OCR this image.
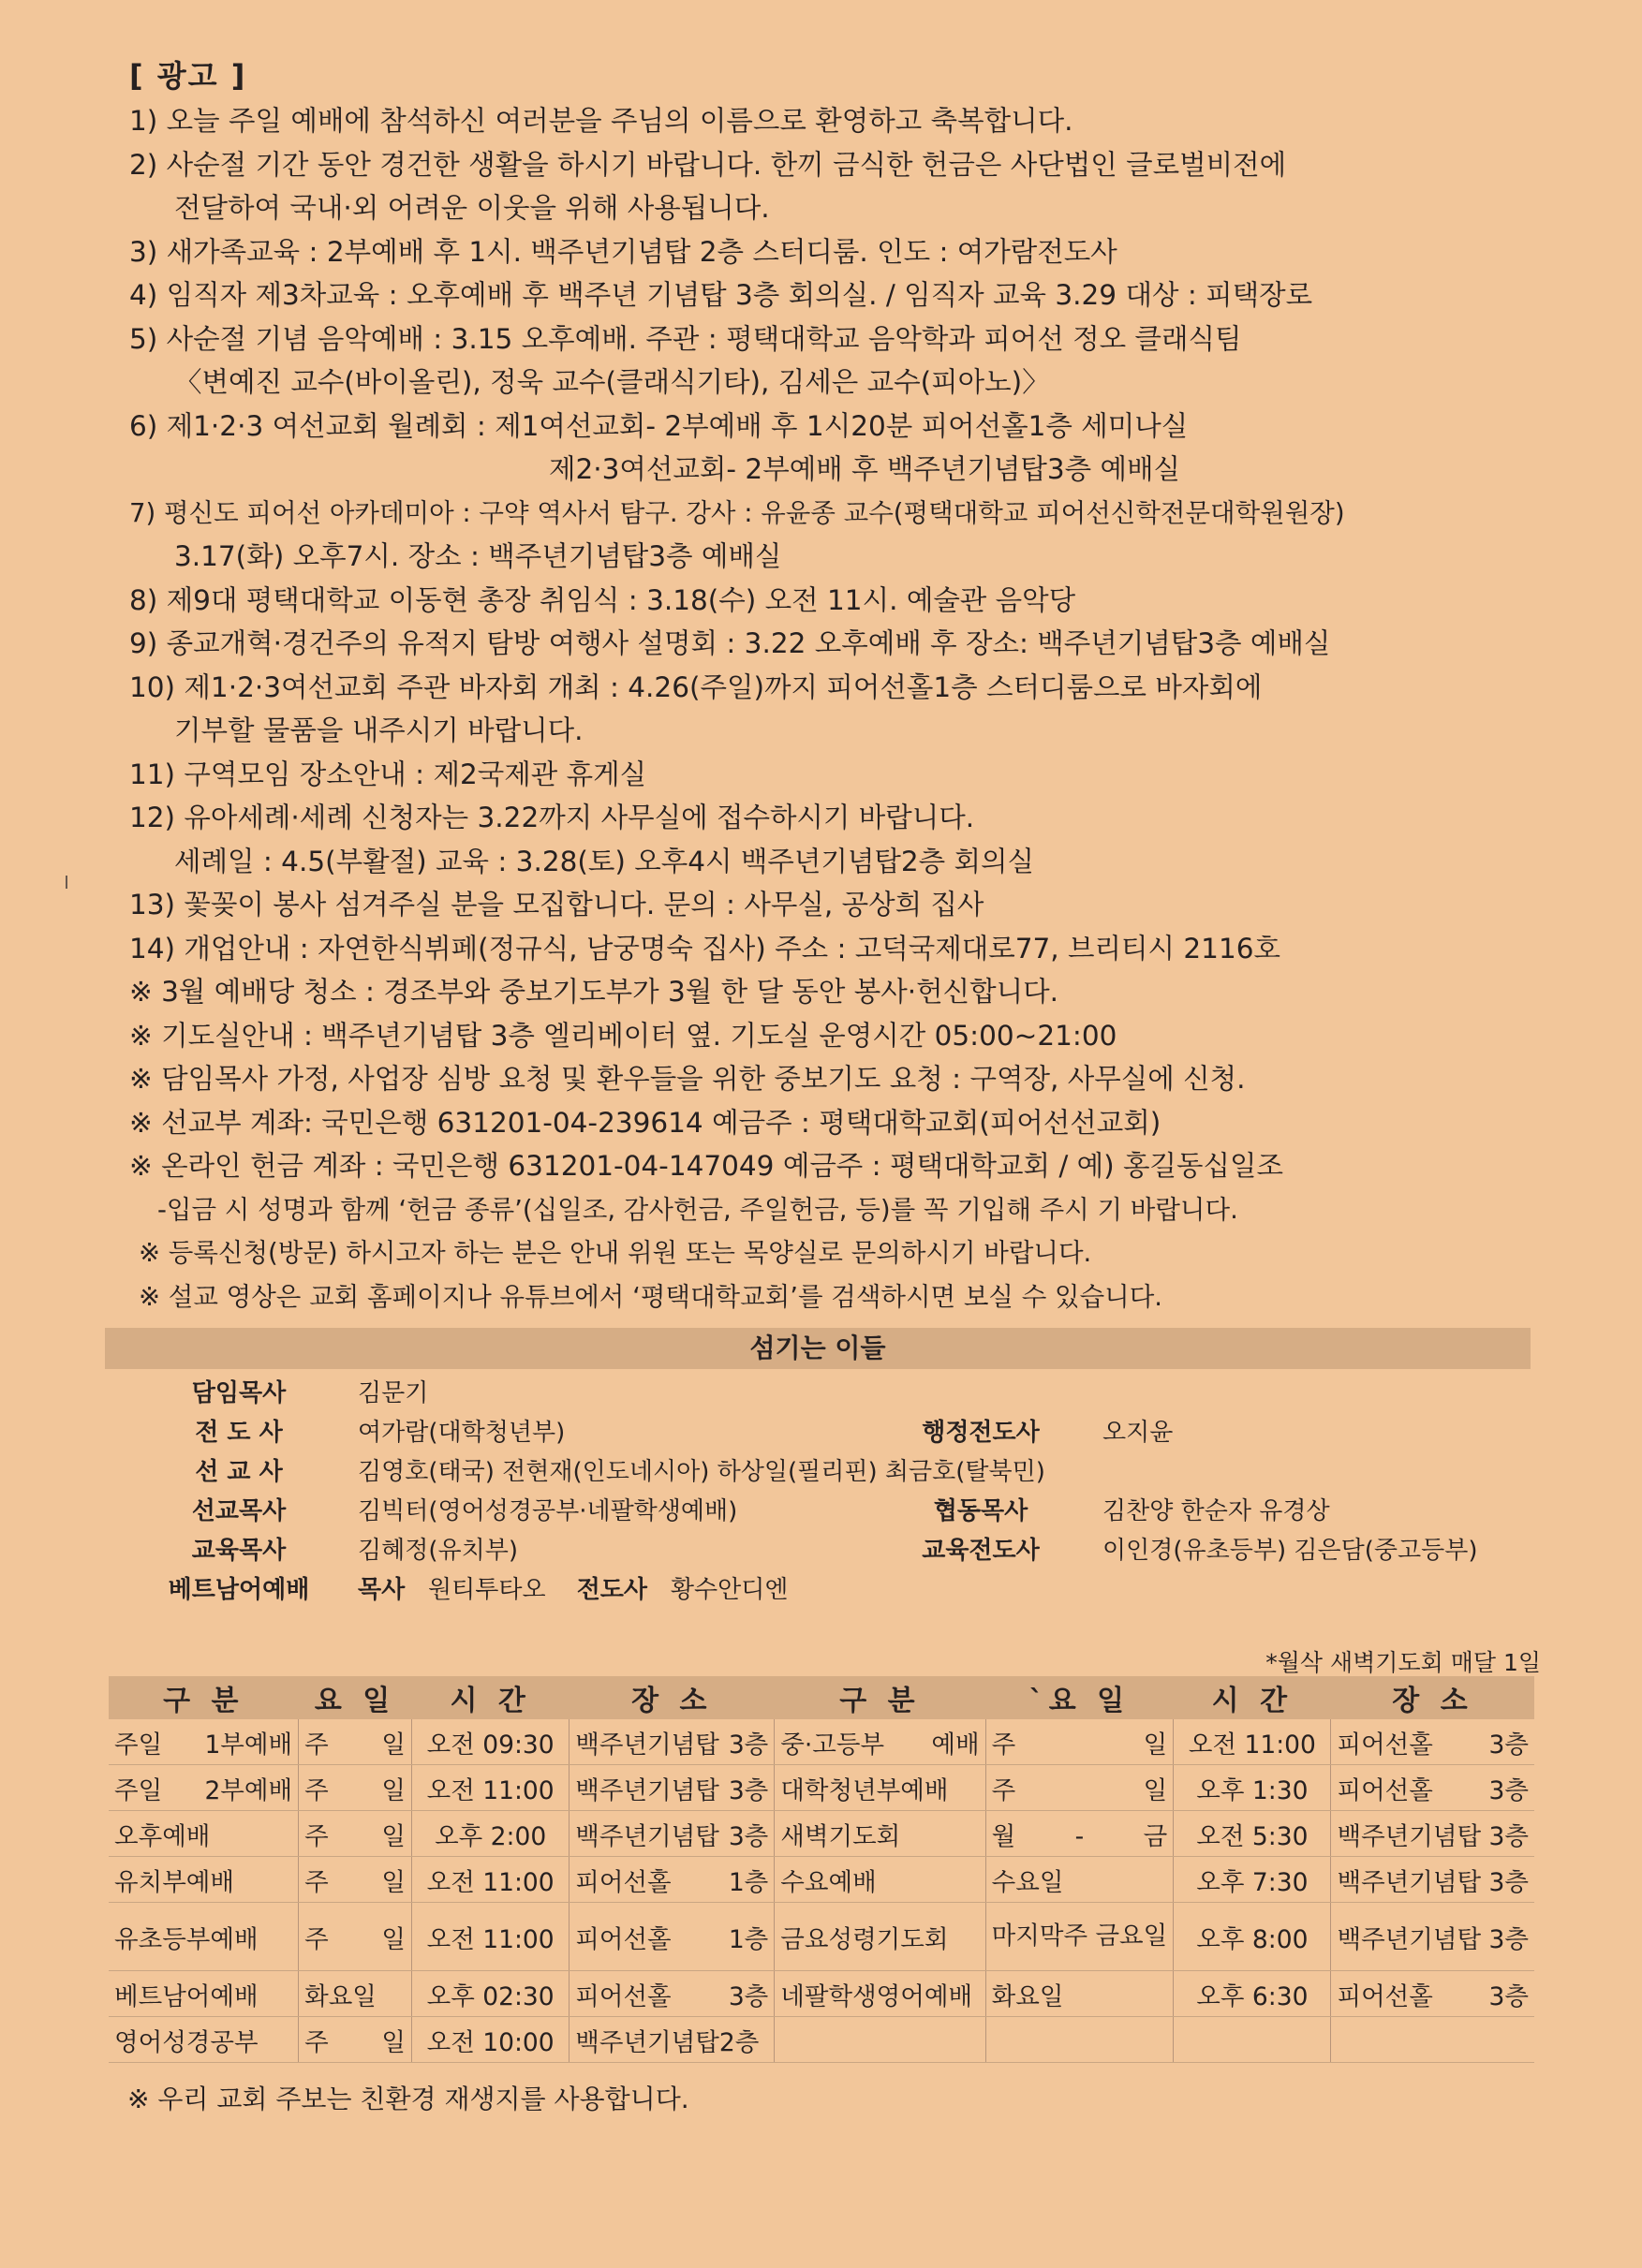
[ 광고 ]
1) 오늘 주일 예배에 참석하신 여러분을 주님의 이름으로 환영하고 축복합니다.
2) 사순절 기간 동안 경건한 생활을 하시기 바랍니다. 한끼 금식한 헌금은 사단법인 글로벌비전에
전달하여 국내·외 어려운 이웃을 위해 사용됩니다.
3) 새가족교육 : 2부예배 후 1시. 백주년기념탑 2층 스터디룸. 인도 : 여가람전도사
4) 임직자 제3차교육 : 오후예배 후 백주년 기념탑 3층 회의실. / 임직자 교육 3.29 대상 : 피택장로
5) 사순절 기념 음악예배 : 3.15 오후예배. 주관 : 평택대학교 음악학과 피어선 정오 클래식팀
〈변예진 교수(바이올린), 정욱 교수(클래식기타), 김세은 교수(피아노)〉
6) 제1·2·3 여선교회 월례회 : 제1여선교회- 2부예배 후 1시20분 피어선홀1층 세미나실
제2·3여선교회- 2부예배 후 백주년기념탑3층 예배실
7) 평신도 피어선 아카데미아 : 구약 역사서 탐구. 강사 : 유윤종 교수(평택대학교 피어선신학전문대학원원장)
3.17(화) 오후7시. 장소 : 백주년기념탑3층 예배실
8) 제9대 평택대학교 이동현 총장 취임식 : 3.18(수) 오전 11시. 예술관 음악당
9) 종교개혁·경건주의 유적지 탐방 여행사 설명회 : 3.22 오후예배 후 장소: 백주년기념탑3층 예배실
10) 제1·2·3여선교회 주관 바자회 개최 : 4.26(주일)까지 피어선홀1층 스터디룸으로 바자회에
기부할 물품을 내주시기 바랍니다.
11) 구역모임 장소안내 : 제2국제관 휴게실
12) 유아세례·세례 신청자는 3.22까지 사무실에 접수하시기 바랍니다.
세례일 : 4.5(부활절) 교육 : 3.28(토) 오후4시 백주년기념탑2층 회의실
13) 꽃꽂이 봉사 섬겨주실 분을 모집합니다. 문의 : 사무실, 공상희 집사
14) 개업안내 : 자연한식뷔페(정규식, 남궁명숙 집사) 주소 : 고덕국제대로77, 브리티시 2116호
※ 3월 예배당 청소 : 경조부와 중보기도부가 3월 한 달 동안 봉사·헌신합니다.
※ 기도실안내 : 백주년기념탑 3층 엘리베이터 옆. 기도실 운영시간 05:00~21:00
※ 담임목사 가정, 사업장 심방 요청 및 환우들을 위한 중보기도 요청 : 구역장, 사무실에 신청.
※ 선교부 계좌: 국민은행 631201-04-239614 예금주 : 평택대학교회(피어선선교회)
※ 온라인 헌금 계좌 : 국민은행 631201-04-147049 예금주 : 평택대학교회 / 예) 홍길동십일조
-입금 시 성명과 함께 ‘헌금 종류’(십일조, 감사헌금, 주일헌금, 등)를 꼭 기입해 주시 기 바랍니다.
※ 등록신청(방문) 하시고자 하는 분은 안내 위원 또는 목양실로 문의하시기 바랍니다.
※ 설교 영상은 교회 홈페이지나 유튜브에서 ‘평택대학교회’를 검색하시면 보실 수 있습니다.
섬기는 이들
담임목사	김문기
전 도 사	여가람(대학청년부)	행정전도사	오지윤
선 교 사	김영호(태국) 전현재(인도네시아) 하상일(필리핀) 최금호(탈북민)
선교목사	김빅터(영어성경공부·네팔학생예배)	협동목사	김찬양 한순자 유경상
교육목사	김혜정(유치부)	교육전도사	이인경(유초등부) 김은담(중고등부)
베트남어예배	목사 원티투타오 전도사 황수안디엔
*월삭 새벽기도회 매달 1일
구 분	요 일	시 간	장 소	구 분	`요 일	시 간	장 소
주일 1부예배	주 일	오전 09:30	백주년기념탑 3층	중·고등부 예배	주 일	오전 11:00	피어선홀 3층
주일 2부예배	주 일	오전 11:00	백주년기념탑 3층	대학청년부예배	주 일	오후 1:30	피어선홀 3층
오후예배	주 일	오후 2:00	백주년기념탑 3층	새벽기도회	월 - 금	오전 5:30	백주년기념탑 3층
유치부예배	주 일	오전 11:00	피어선홀 1층	수요예배	수요일	오후 7:30	백주년기념탑 3층
유초등부예배	주 일	오전 11:00	피어선홀 1층	금요성령기도회	마지막주 금요일	오후 8:00	백주년기념탑 3층
베트남어예배	화요일	오후 02:30	피어선홀 3층	네팔학생영어예배	화요일	오후 6:30	피어선홀 3층
영어성경공부	주 일	오전 10:00	백주년기념탑2층				
※ 우리 교회 주보는 친환경 재생지를 사용합니다.
